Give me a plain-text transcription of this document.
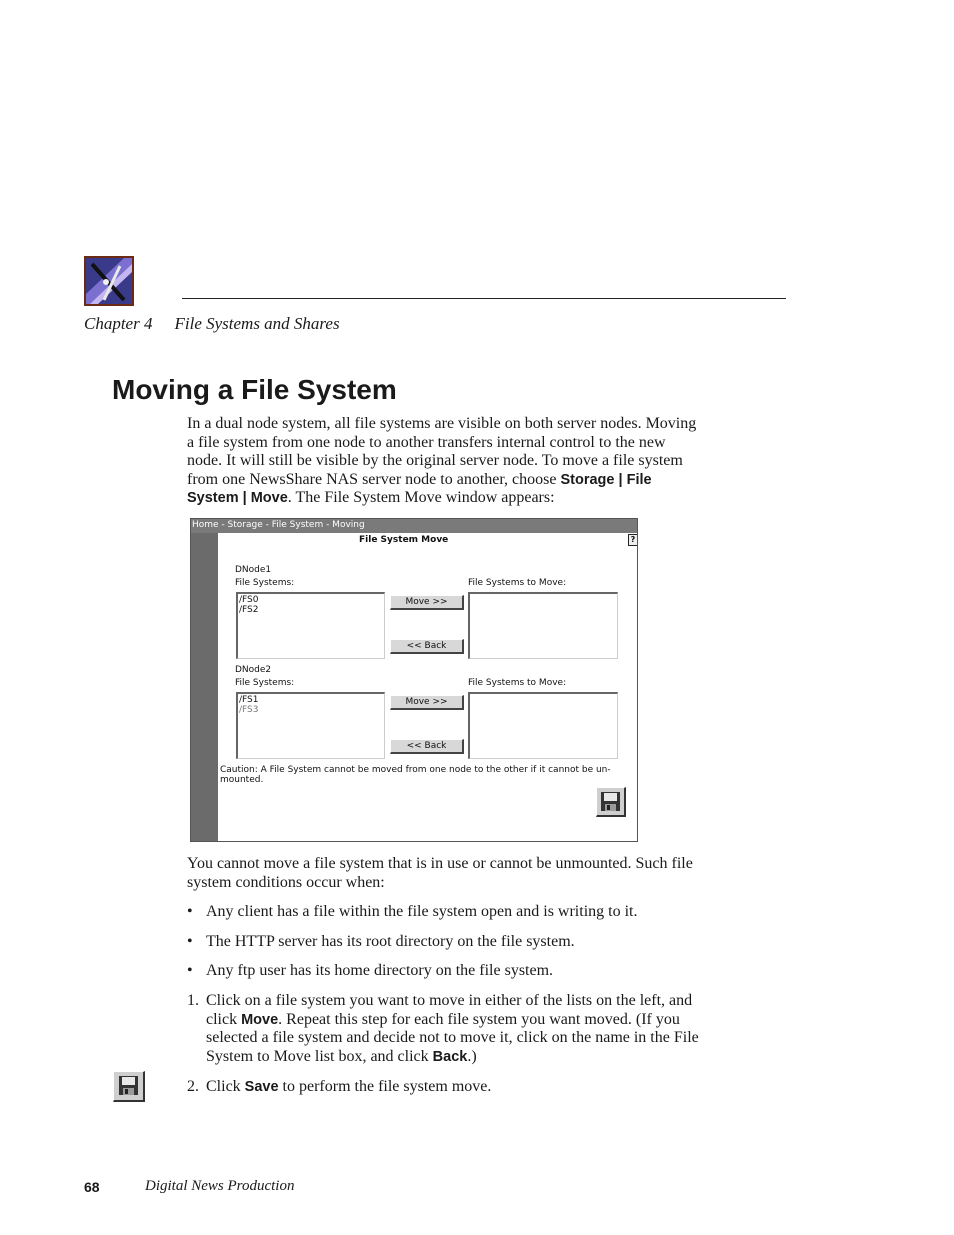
Chapter 4 File Systems and Shares
Moving a File System
In a dual node system, all file systems are visible on both server nodes. Moving
a file system from one node to another transfers internal control to the new
node. It will still be visible by the original server node. To move a file system
from one NewsShare NAS server node to another, choose Storage | File
System | Move. The File System Move window appears:
Home - Storage - File System - Moving
File System Move	?
DNode1
File Systems:	File Systems to Move:
/FS0
/FS2
Move >>
<< Back
DNode2
File Systems:	File Systems to Move:
/FS1
/FS3
Move >>
<< Back
Caution: A File System cannot be moved from one node to the other if it cannot be un-
mounted.
You cannot move a file system that is in use or cannot be unmounted. Such file
system conditions occur when:
• Any client has a file within the file system open and is writing to it.
• The HTTP server has its root directory on the file system.
• Any ftp user has its home directory on the file system.
1. Click on a file system you want to move in either of the lists on the left, and
click Move. Repeat this step for each file system you want moved. (If you
selected a file system and decide not to move it, click on the name in the File
System to Move list box, and click Back.)
2. Click Save to perform the file system move.
68	Digital News Production
